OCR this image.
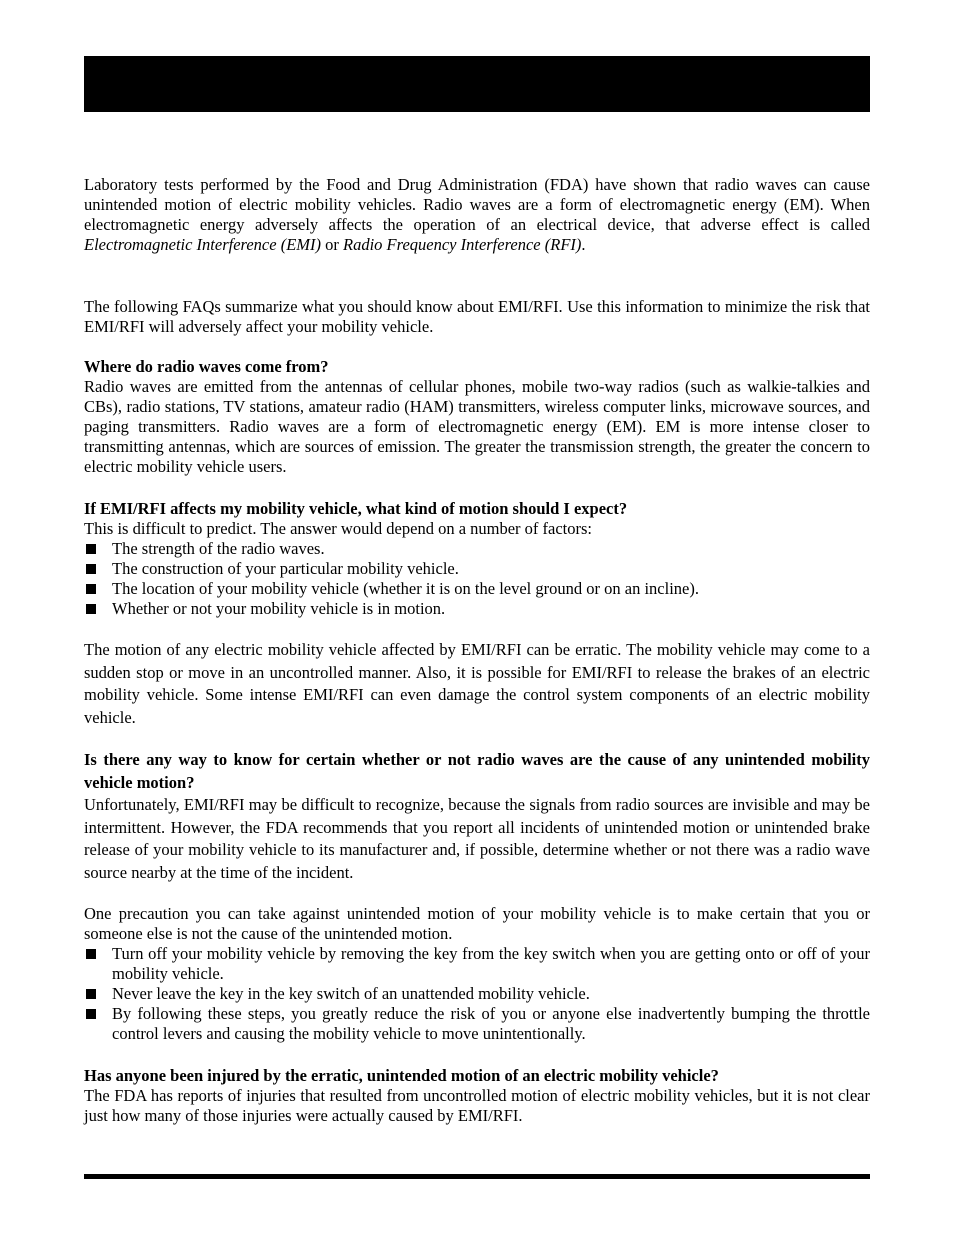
Laboratory tests performed by the Food and Drug Administration (FDA) have shown that radio waves can cause unintended motion of electric mobility vehicles. Radio waves are a form of electromagnetic energy (EM). When electromagnetic energy adversely affects the operation of an electrical device, that adverse effect is called Electromagnetic Interference (EMI) or Radio Frequency Interference (RFI).

The following FAQs summarize what you should know about EMI/RFI. Use this information to minimize the risk that EMI/RFI will adversely affect your mobility vehicle.

Where do radio waves come from?

Radio waves are emitted from the antennas of cellular phones, mobile two-way radios (such as walkie-talkies and CBs), radio stations, TV stations, amateur radio (HAM) transmitters, wireless computer links, microwave sources, and paging transmitters. Radio waves are a form of electromagnetic energy (EM). EM is more intense closer to transmitting antennas, which are sources of emission. The greater the transmission strength, the greater the concern to electric mobility vehicle users.

If EMI/RFI affects my mobility vehicle, what kind of motion should I expect?

This is difficult to predict. The answer would depend on a number of factors:

The strength of the radio waves.
The construction of your particular mobility vehicle.
The location of your mobility vehicle (whether it is on the level ground or on an incline).
Whether or not your mobility vehicle is in motion.

The motion of any electric mobility vehicle affected by EMI/RFI can be erratic. The mobility vehicle may come to a sudden stop or move in an uncontrolled manner. Also, it is possible for EMI/RFI to release the brakes of an electric mobility vehicle. Some intense EMI/RFI can even damage the control system components of an electric mobility vehicle.

Is there any way to know for certain whether or not radio waves are the cause of any unintended mobility vehicle motion?

Unfortunately, EMI/RFI may be difficult to recognize, because the signals from radio sources are invisible and may be intermittent. However, the FDA recommends that you report all incidents of unintended motion or unintended brake release of your mobility vehicle to its manufacturer and, if possible, determine whether or not there was a radio wave source nearby at the time of the incident.

One precaution you can take against unintended motion of your mobility vehicle is to make certain that you or someone else is not the cause of the unintended motion.

Turn off your mobility vehicle by removing the key from the key switch when you are getting onto or off of your mobility vehicle.
Never leave the key in the key switch of an unattended mobility vehicle.
By following these steps, you greatly reduce the risk of you or anyone else inadvertently bumping the throttle control levers and causing the mobility vehicle to move unintentionally.

Has anyone been injured by the erratic, unintended motion of an electric mobility vehicle?

The FDA has reports of injuries that resulted from uncontrolled motion of electric mobility vehicles, but it is not clear just how many of those injuries were actually caused by EMI/RFI.
